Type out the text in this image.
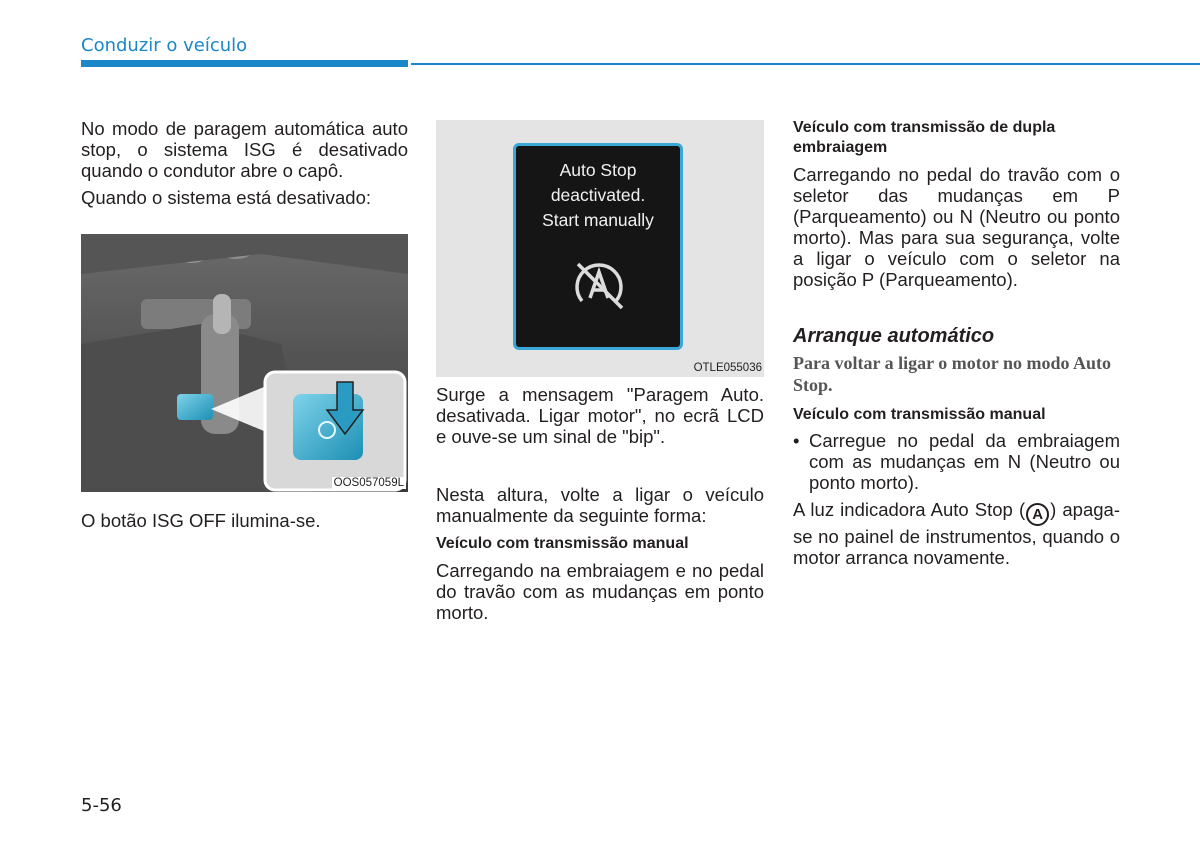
Conduzir o veículo

No modo de paragem automática auto stop, o sistema ISG é desativado quando o condutor abre o capô.

Quando o sistema está desativado:

OOS057059L

O botão ISG OFF ilumina-se.

Auto Stop
deactivated.
Start manually
OTLE055036

Surge a mensagem "Paragem Auto. desativada. Ligar motor", no ecrã LCD e ouve-se um sinal de "bip".

Nesta altura, volte a ligar o veículo manualmente da seguinte forma:

Veículo com transmissão manual

Carregando na embraiagem e no pedal do travão com as mudanças em ponto morto.

Veículo com transmissão de dupla embraiagem

Carregando no pedal do travão com o seletor das mudanças em P (Parqueamento) ou N (Neutro ou ponto morto). Mas para sua segurança, volte a ligar o veículo com o seletor na posição P (Parqueamento).

Arranque automático
Para voltar a ligar o motor no modo Auto Stop.
Veículo com transmissão manual
• Carregue no pedal da embraiagem com as mudanças em N (Neutro ou ponto morto).

A luz indicadora Auto Stop ( A ) apaga-se no painel de instrumentos, quando o motor arranca novamente.

5-56
